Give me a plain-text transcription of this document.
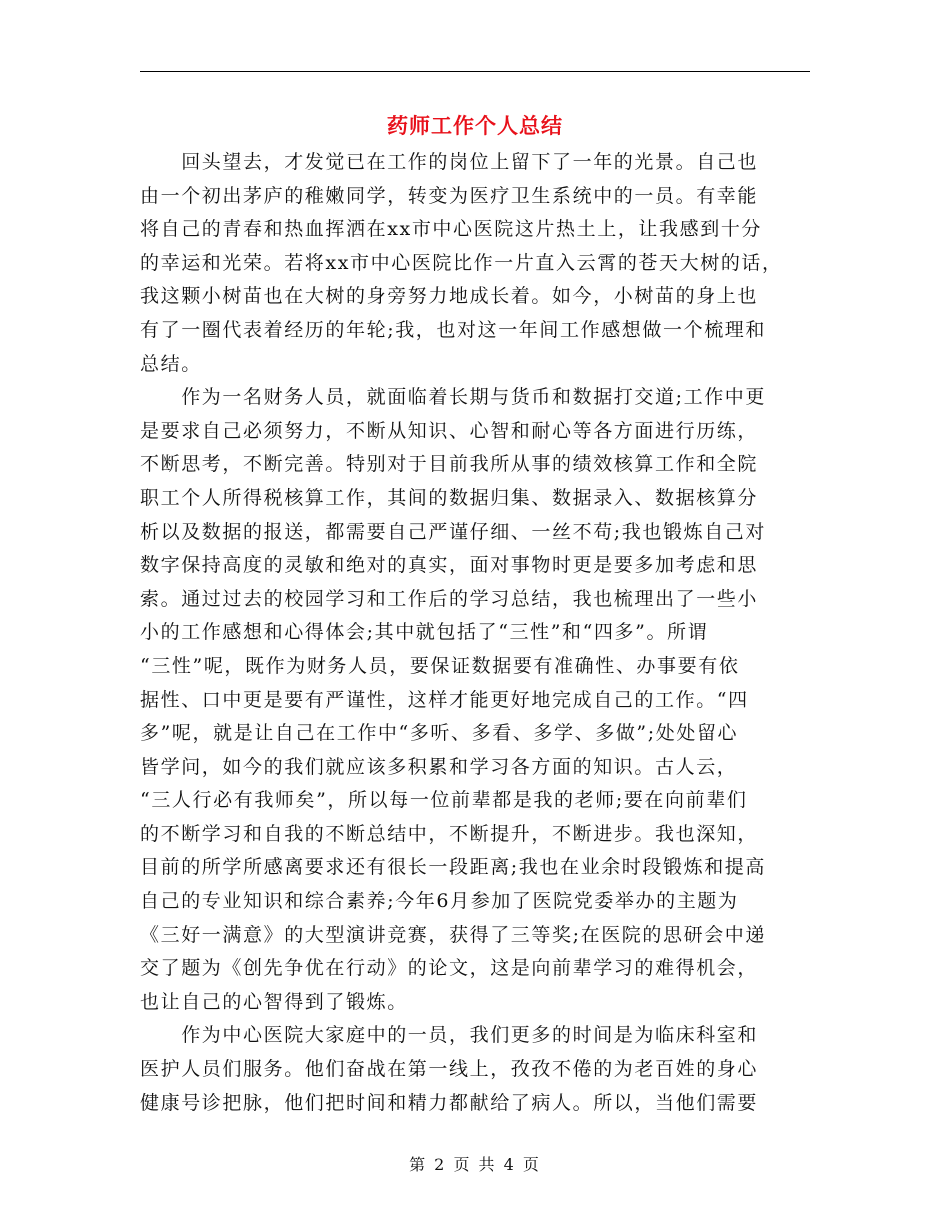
药师工作个人总结
　　回头望去，才发觉已在工作的岗位上留下了一年的光景。自己也
由一个初出茅庐的稚嫩同学，转变为医疗卫生系统中的一员。有幸能
将自己的青春和热血挥洒在xx市中心医院这片热土上，让我感到十分
的幸运和光荣。若将xx市中心医院比作一片直入云霄的苍天大树的话，
我这颗小树苗也在大树的身旁努力地成长着。如今，小树苗的身上也
有了一圈代表着经历的年轮;我，也对这一年间工作感想做一个梳理和
总结。
　　作为一名财务人员，就面临着长期与货币和数据打交道;工作中更
是要求自己必须努力，不断从知识、心智和耐心等各方面进行历练，
不断思考，不断完善。特别对于目前我所从事的绩效核算工作和全院
职工个人所得税核算工作，其间的数据归集、数据录入、数据核算分
析以及数据的报送，都需要自己严谨仔细、一丝不苟;我也锻炼自己对
数字保持高度的灵敏和绝对的真实，面对事物时更是要多加考虑和思
索。通过过去的校园学习和工作后的学习总结，我也梳理出了一些小
小的工作感想和心得体会;其中就包括了“三性”和“四多”。所谓
“三性”呢，既作为财务人员，要保证数据要有准确性、办事要有依
据性、口中更是要有严谨性，这样才能更好地完成自己的工作。“四
多”呢，就是让自己在工作中“多听、多看、多学、多做”;处处留心
皆学问，如今的我们就应该多积累和学习各方面的知识。古人云，
“三人行必有我师矣”，所以每一位前辈都是我的老师;要在向前辈们
的不断学习和自我的不断总结中，不断提升，不断进步。我也深知，
目前的所学所感离要求还有很长一段距离;我也在业余时段锻炼和提高
自己的专业知识和综合素养;今年6月参加了医院党委举办的主题为
《三好一满意》的大型演讲竞赛，获得了三等奖;在医院的思研会中递
交了题为《创先争优在行动》的论文，这是向前辈学习的难得机会，
也让自己的心智得到了锻炼。
　　作为中心医院大家庭中的一员，我们更多的时间是为临床科室和
医护人员们服务。他们奋战在第一线上，孜孜不倦的为老百姓的身心
健康号诊把脉，他们把时间和精力都献给了病人。所以，当他们需要
第 2 页 共 4 页
